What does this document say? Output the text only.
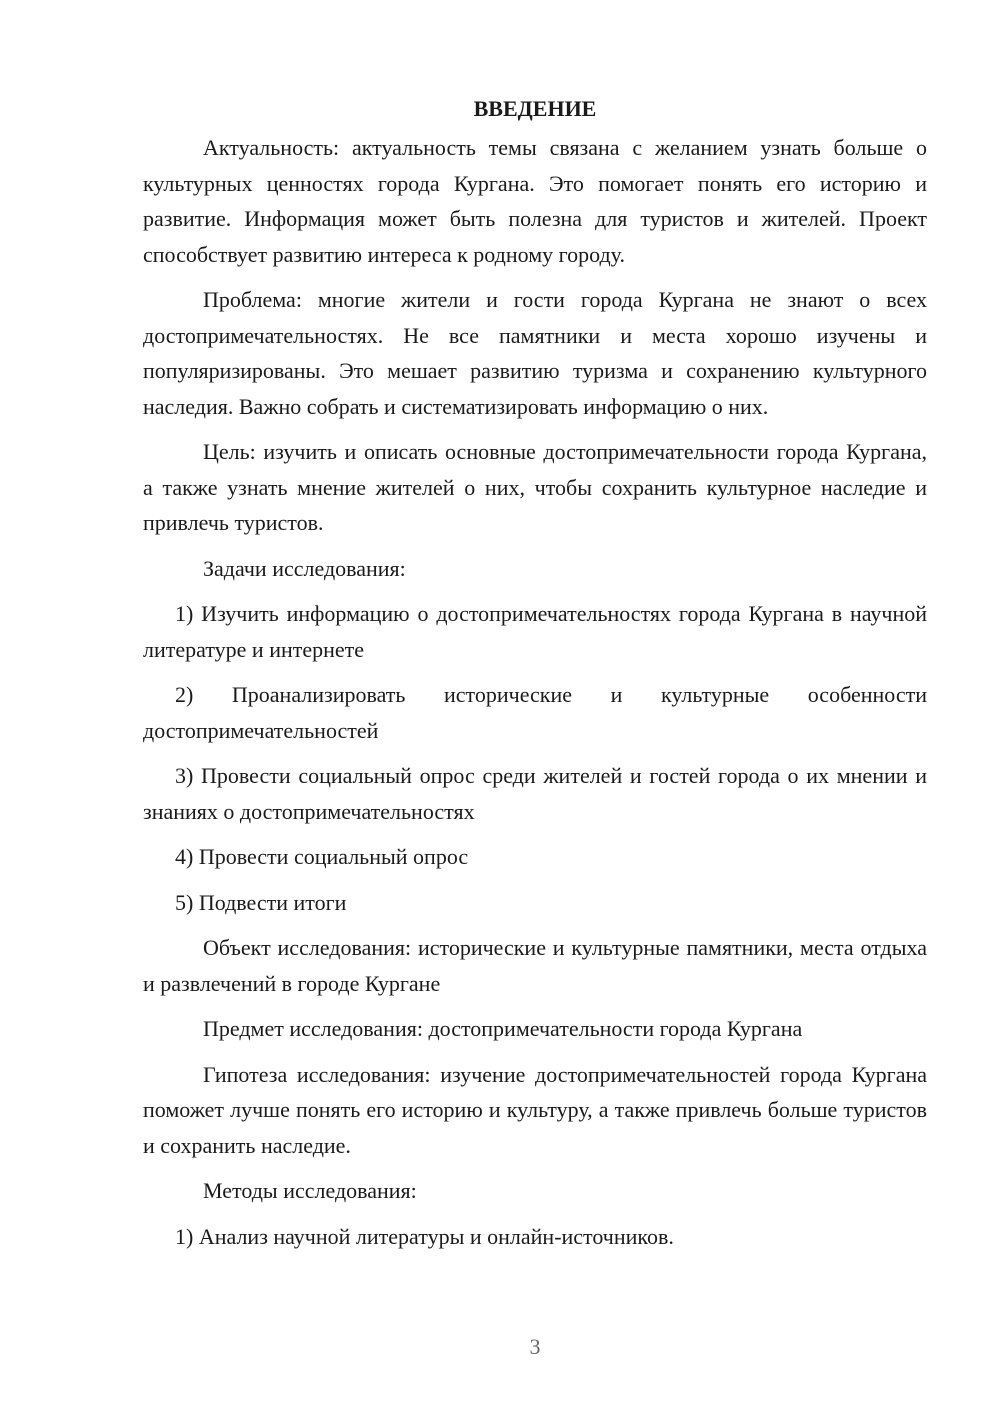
ВВЕДЕНИЕ

Актуальность: актуальность темы связана с желанием узнать больше о культурных ценностях города Кургана. Это помогает понять его историю и развитие. Информация может быть полезна для туристов и жителей. Проект способствует развитию интереса к родному городу.

Проблема: многие жители и гости города Кургана не знают о всех достопримечательностях. Не все памятники и места хорошо изучены и популяризированы. Это мешает развитию туризма и сохранению культурного наследия. Важно собрать и систематизировать информацию о них.

Цель: изучить и описать основные достопримечательности города Кургана, а также узнать мнение жителей о них, чтобы сохранить культурное наследие и привлечь туристов.

Задачи исследования:

1) Изучить информацию о достопримечательностях города Кургана в научной литературе и интернете

2) Проанализировать исторические и культурные особенности достопримечательностей

3) Провести социальный опрос среди жителей и гостей города о их мнении и знаниях о достопримечательностях

4) Провести социальный опрос

5) Подвести итоги

Объект исследования: исторические и культурные памятники, места отдыха и развлечений в городе Кургане

Предмет исследования: достопримечательности города Кургана

Гипотеза исследования: изучение достопримечательностей города Кургана поможет лучше понять его историю и культуру, а также привлечь больше туристов и сохранить наследие.

Методы исследования:

1) Анализ научной литературы и онлайн-источников.

3
